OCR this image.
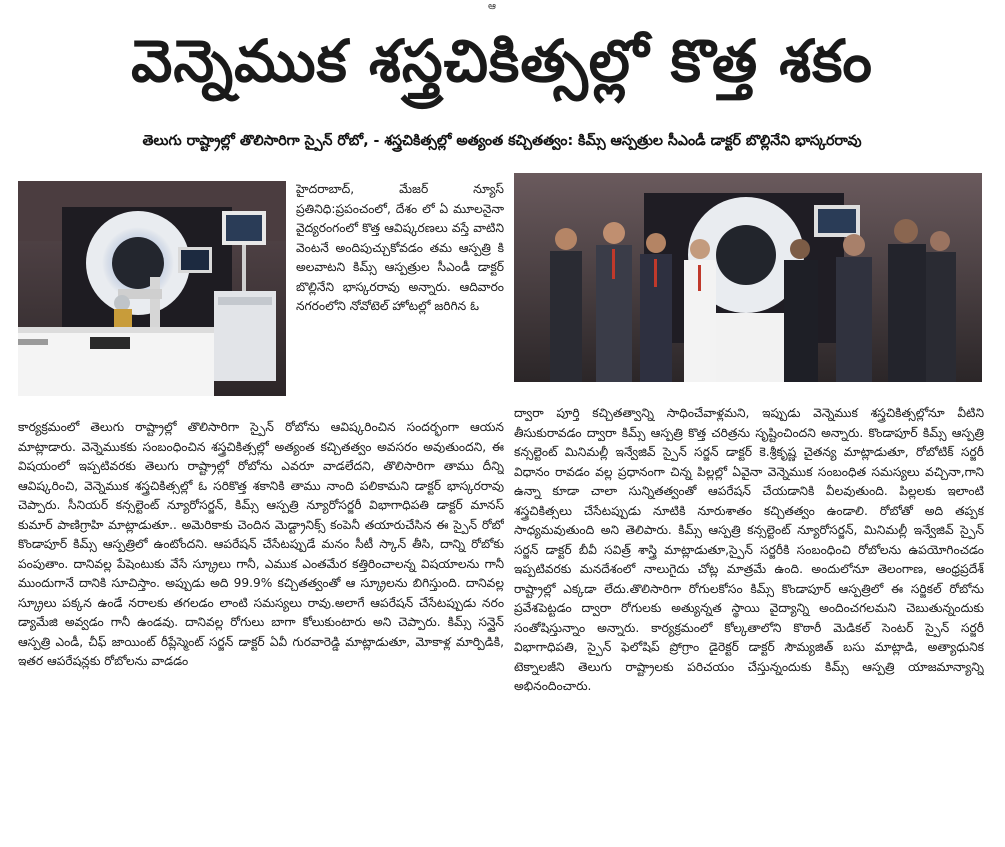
ఆ
వెన్నెముక శస్త్రచికిత్సల్లో కొత్త శకం
తెలుగు రాష్ట్రాల్లో తొలిసారిగా స్పైన్ రోబో, - శస్త్రచికిత్సల్లో అత్యంత కచ్చితత్వం: కిమ్స్ ఆస్పత్రుల సీఎండీ డాక్టర్ బొల్లినేని భాస్కరరావు

హైదరాబాద్, మేజర్ న్యూస్ ప్రతినిధి:ప్రపంచంలో, దేశం లో ఏ మూలనైనా వైద్యరంగంలో కొత్త ఆవిష్కరణలు వస్తే వాటిని వెంటనే అందిపుచ్చుకోవడం తమ ఆస్పత్రి కి అలవాటని కిమ్స్ ఆస్పత్రుల సీఎండీ డాక్టర్ బొల్లినేని భాస్కరరావు అన్నారు. ఆదివారం నగరంలోని నోవోటెల్ హోటల్లో జరిగిన ఓ

కార్యక్రమంలో తెలుగు రాష్ట్రాల్లో తొలిసారిగా స్పైన్ రోబోను ఆవిష్కరించిన సందర్భంగా ఆయన మాట్లాడారు. వెన్నెముకకు సంబంధించిన శస్త్రచికిత్సల్లో అత్యంత కచ్చితత్వం అవసరం అవుతుందని, ఈ విషయంలో ఇప్పటివరకు తెలుగు రాష్ట్రాల్లో రోబోను ఎవరూ వాడలేదని, తొలిసారిగా తాము దీన్ని ఆవిష్కరించి, వెన్నెముక శస్త్రచికిత్సల్లో ఓ సరికొత్త శకానికి తాము నాంది పలికామని డాక్టర్ భాస్కరరావు చెప్పారు. సీనియర్ కన్సల్టెంట్ న్యూరోసర్జన్, కిమ్స్ ఆస్పత్రి న్యూరోసర్జరీ విభాగాధిపతి డాక్టర్ మానస్ కుమార్ పాణిగ్రాహి మాట్లాడుతూ.. అమెరికాకు చెందిన మెడ్ట్రానిక్స్ కంపెనీ తయారుచేసిన ఈ స్పైన్ రోబో కొండాపూర్ కిమ్స్ ఆస్పత్రిలో ఉంటోందని. ఆపరేషన్ చేసేటప్పుడే మనం సీటీ స్కాన్ తీసి, దాన్ని రోబోకు పంపుతాం. దానివల్ల పేషెంటుకు వేసే స్క్రూలు గానీ, ఎముక ఎంతమేర కత్తిరించాలన్న విషయాలను గానీ ముందుగానే దానికి సూచిస్తాం. అప్పుడు అది 99.9% కచ్చితత్వంతో ఆ స్క్రూలను బిగిస్తుంది. దానివల్ల స్క్రూలు పక్కన ఉండే నరాలకు తగలడం లాంటి సమస్యలు రావు.అలాగే ఆపరేషన్ చేసేటప్పుడు నరం డ్యామేజి అవ్వడం గానీ ఉండవు. దానివల్ల రోగులు బాగా కోలుకుంటారు అని చెప్పారు. కిమ్స్ సన్షైన్ ఆస్పత్రి ఎండీ, చీఫ్ జాయింట్ రీప్లేస్మెంట్ సర్జన్ డాక్టర్ ఏవీ గురవారెడ్డి మాట్లాడుతూ, మోకాళ్ల మార్పిడికి, ఇతర ఆపరేషన్లకు రోబోలను వాడడం

ద్వారా పూర్తి కచ్చితత్వాన్ని సాధించేవాళ్లమని, ఇప్పుడు వెన్నెముక శస్త్రచికిత్సల్లోనూ వీటిని తీసుకురావడం ద్వారా కిమ్స్ ఆస్పత్రి కొత్త చరిత్రను సృష్టించిందని అన్నారు. కొండాపూర్ కిమ్స్ ఆస్పత్రి కన్సల్టెంట్ మినిమల్లీ ఇన్వేజివ్ స్పైన్ సర్జన్ డాక్టర్ కె.శ్రీకృష్ణ చైతన్య మాట్లాడుతూ, రోబోటిక్ సర్జరీ విధానం రావడం వల్ల ప్రధానంగా చిన్న పిల్లల్లో ఏవైనా వెన్నెముక సంబంధిత సమస్యలు వచ్చినా,గాని ఉన్నా కూడా చాలా సున్నితత్వంతో ఆపరేషన్ చేయడానికి వీలవుతుంది. పిల్లలకు ఇలాంటి శస్త్రచికిత్సలు చేసేటప్పుడు నూటికి నూరుశాతం కచ్చితత్వం ఉండాలి. రోబోతో అది తప్పక సాధ్యమవుతుంది అని తెలిపారు. కిమ్స్ ఆస్పత్రి కన్సల్టెంట్ న్యూరోసర్జన్, మినిమల్లీ ఇన్వేజివ్ స్పైన్ సర్జన్ డాక్టర్ బీవీ సవిత్ర్ శాస్త్రి మాట్లాడుతూ,స్పైన్ సర్జరీకి సంబంధించి రోబోలను ఉపయోగించడం ఇప్పటివరకు మనదేశంలో నాలుగైదు చోట్ల మాత్రమే ఉంది. అందులోనూ తెలంగాణ, ఆంధ్రప్రదేశ్ రాష్ట్రాల్లో ఎక్కడా లేదు.తొలిసారిగా రోగులకోసం కిమ్స్ కొండాపూర్ ఆస్పత్రిలో ఈ సర్జికల్ రోబోను ప్రవేశపెట్టడం ద్వారా రోగులకు అత్యున్నత స్థాయి వైద్యాన్ని అందించగలమని చెబుతున్నందుకు సంతోషిస్తున్నాం అన్నారు. కార్యక్రమంలో కోల్కతాలోని కొఠారీ మెడికల్ సెంటర్ స్పైన్ సర్జరీ విభాగాధిపతి, స్పైన్ ఫెలోషిప్ ప్రోగ్రాం డైరెక్టర్ డాక్టర్ సౌమ్యజిత్ బసు మాట్లాడి, అత్యాధునిక టెక్నాలజీని తెలుగు రాష్ట్రాలకు పరిచయం చేస్తున్నందుకు కిమ్స్ ఆస్పత్రి యాజమాన్యాన్ని అభినందించారు.
